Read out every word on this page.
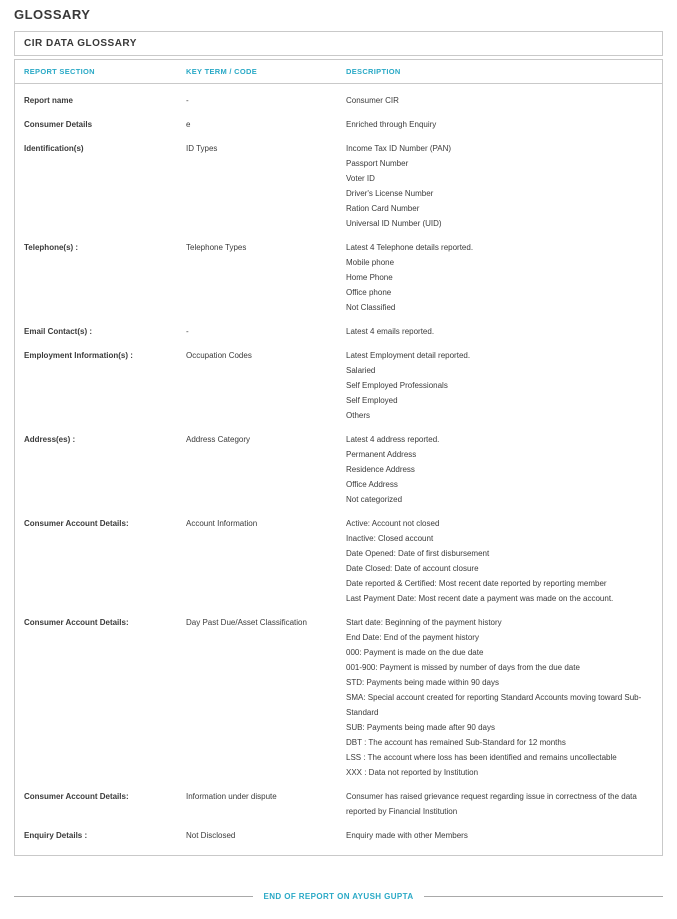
GLOSSARY
CIR DATA GLOSSARY
REPORT SECTION	KEY TERM / CODE	DESCRIPTION
Report name	-	Consumer CIR
Consumer Details	e	Enriched through Enquiry
Identification(s)	ID Types	Income Tax ID Number (PAN)
Passport Number
Voter ID
Driver's License Number
Ration Card Number
Universal ID Number (UID)
Telephone(s) :	Telephone Types	Latest 4 Telephone details reported.
Mobile phone
Home Phone
Office phone
Not Classified
Email Contact(s) :	-	Latest 4 emails reported.
Employment Information(s) :	Occupation Codes	Latest Employment detail reported.
Salaried
Self Employed Professionals
Self Employed
Others
Address(es) :	Address Category	Latest 4 address reported.
Permanent Address
Residence Address
Office Address
Not categorized
Consumer Account Details:	Account Information	Active: Account not closed
Inactive: Closed account
Date Opened: Date of first disbursement
Date Closed: Date of account closure
Date reported & Certified: Most recent date reported by reporting member
Last Payment Date: Most recent date a payment was made on the account.
Consumer Account Details:	Day Past Due/Asset Classification	Start date: Beginning of the payment history
End Date: End of the payment history
000: Payment is made on the due date
001-900: Payment is missed by number of days from the due date
STD: Payments being made within 90 days
SMA: Special account created for reporting Standard Accounts moving toward Sub-Standard
SUB: Payments being made after 90 days
DBT : The account has remained Sub-Standard for 12 months
LSS : The account where loss has been identified and remains uncollectable
XXX : Data not reported by Institution
Consumer Account Details:	Information under dispute	Consumer has raised grievance request regarding issue in correctness of the data reported by Financial Institution
Enquiry Details :	Not Disclosed	Enquiry made with other Members
END OF REPORT ON AYUSH GUPTA
